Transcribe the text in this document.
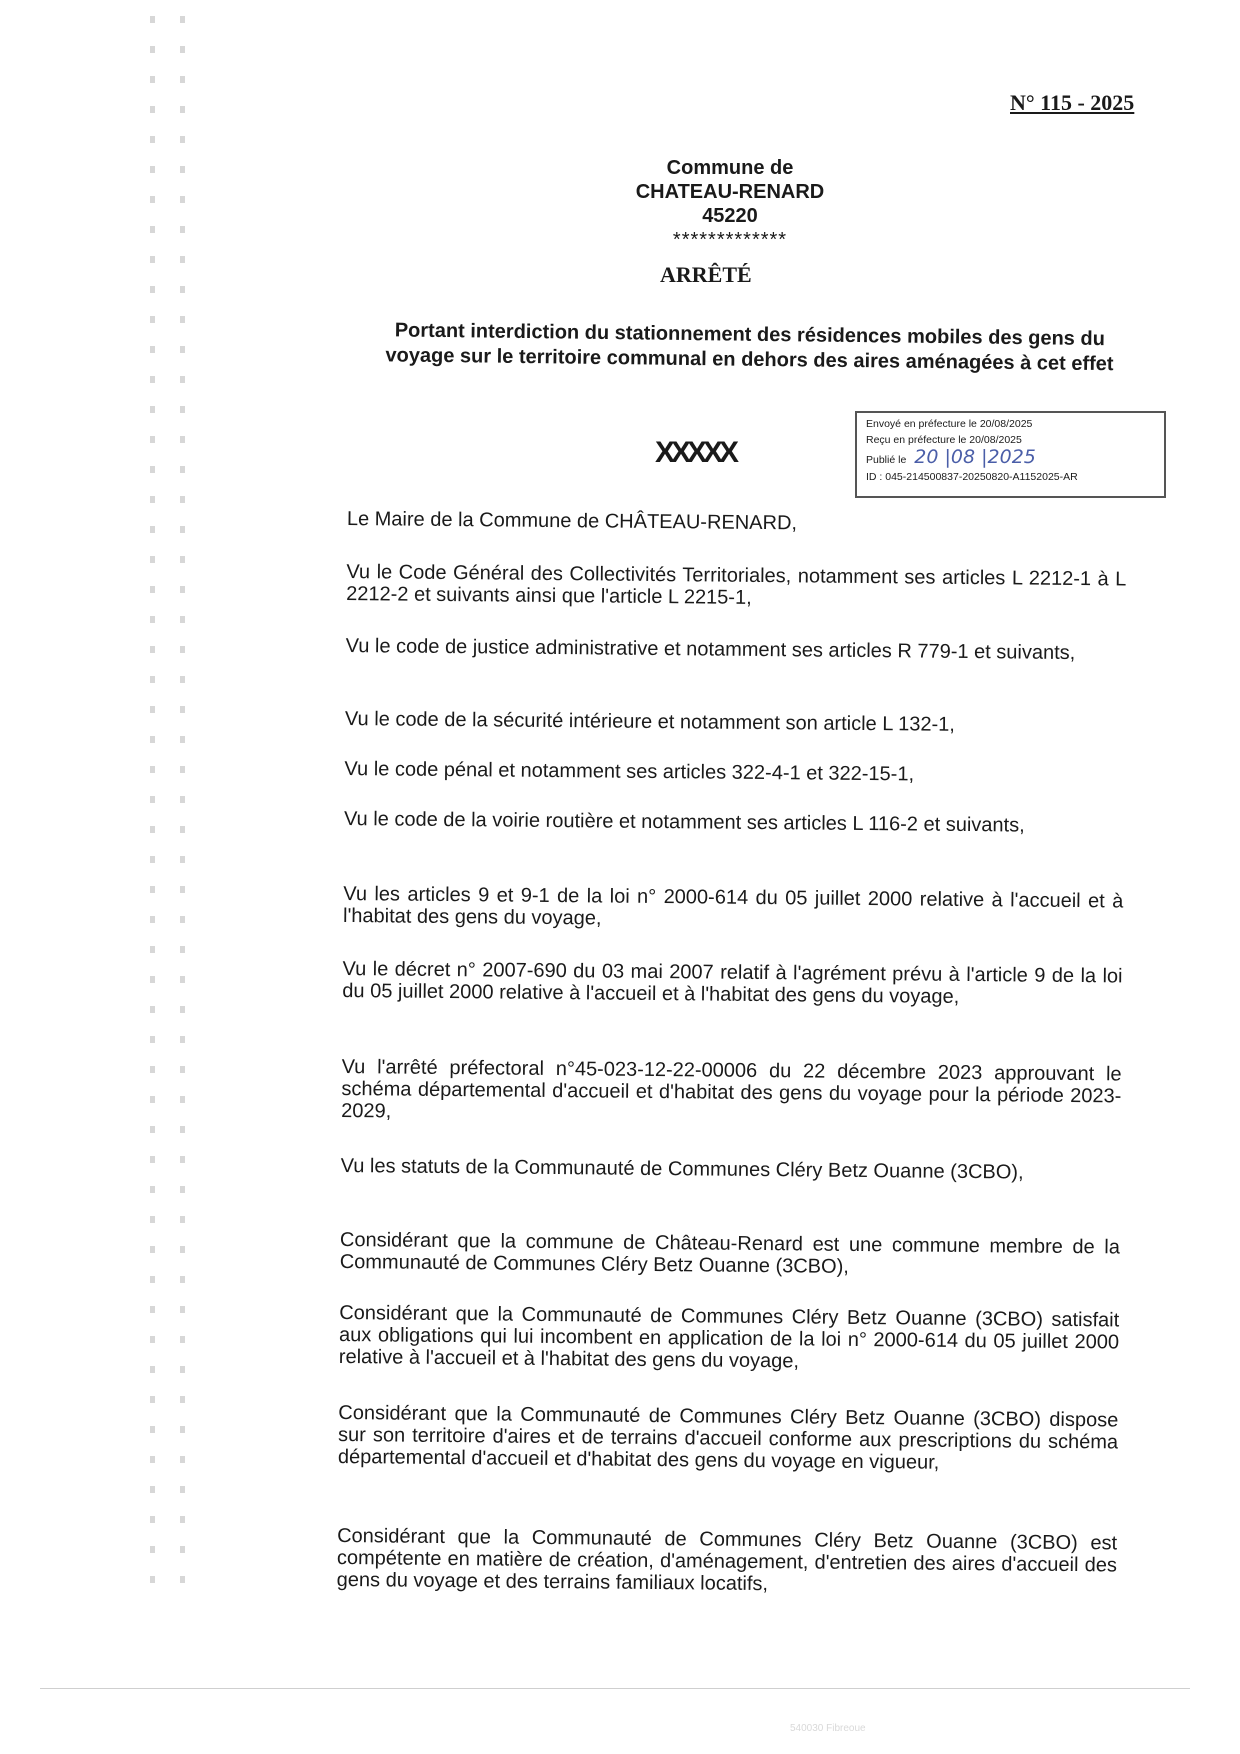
N° 115 - 2025
Commune de
CHATEAU-RENARD
45220
*************
ARRÊTÉ
Portant interdiction du stationnement des résidences mobiles des gens du voyage sur le territoire communal en dehors des aires aménagées à cet effet
XXXXX
Envoyé en préfecture le 20/08/2025
Reçu en préfecture le 20/08/2025
Publié le 20 |08 |2025
ID : 045-214500837-20250820-A1152025-AR

Le Maire de la Commune de CHÂTEAU-RENARD,

Vu le Code Général des Collectivités Territoriales, notamment ses articles L 2212-1 à L 2212-2 et suivants ainsi que l'article L 2215-1,

Vu le code de justice administrative et notamment ses articles R 779-1 et suivants,

Vu le code de la sécurité intérieure et notamment son article L 132-1,

Vu le code pénal et notamment ses articles 322-4-1 et 322-15-1,

Vu le code de la voirie routière et notamment ses articles L 116-2 et suivants,

Vu les articles 9 et 9-1 de la loi n° 2000-614 du 05 juillet 2000 relative à l'accueil et à l'habitat des gens du voyage,

Vu le décret n° 2007-690 du 03 mai 2007 relatif à l'agrément prévu à l'article 9 de la loi du 05 juillet 2000 relative à l'accueil et à l'habitat des gens du voyage,

Vu l'arrêté préfectoral n°45-023-12-22-00006 du 22 décembre 2023 approuvant le schéma départemental d'accueil et d'habitat des gens du voyage pour la période 2023-2029,

Vu les statuts de la Communauté de Communes Cléry Betz Ouanne (3CBO),

Considérant que la commune de Château-Renard est une commune membre de la Communauté de Communes Cléry Betz Ouanne (3CBO),

Considérant que la Communauté de Communes Cléry Betz Ouanne (3CBO) satisfait aux obligations qui lui incombent en application de la loi n° 2000-614 du 05 juillet 2000 relative à l'accueil et à l'habitat des gens du voyage,

Considérant que la Communauté de Communes Cléry Betz Ouanne (3CBO) dispose sur son territoire d'aires et de terrains d'accueil conforme aux prescriptions du schéma départemental d'accueil et d'habitat des gens du voyage en vigueur,

Considérant que la Communauté de Communes Cléry Betz Ouanne (3CBO) est compétente en matière de création, d'aménagement, d'entretien des aires d'accueil des gens du voyage et des terrains familiaux locatifs,

540030 Fibreoue
